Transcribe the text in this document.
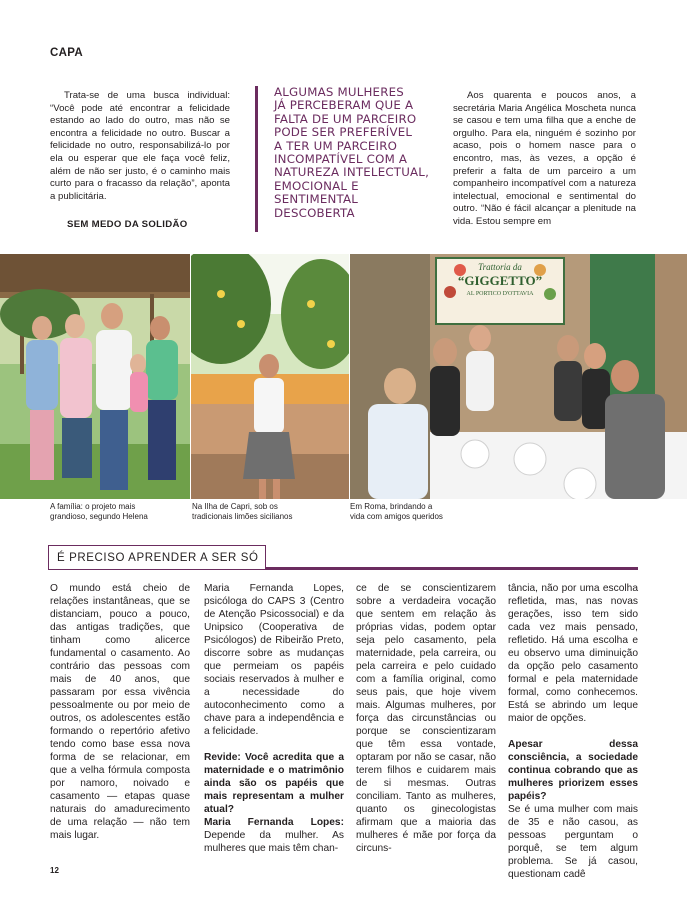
CAPA

Trata-se de uma busca individual: “Você pode até encontrar a felicidade estando ao lado do outro, mas não se encontra a felicidade no outro. Buscar a felicidade no outro, responsabilizá-lo por ela ou esperar que ele faça você feliz, além de não ser justo, é o caminho mais curto para o fracasso da relação”, aponta a publicitária.

SEM MEDO DA SOLIDÃO
ALGUMAS MULHERES
JÁ PERCEBERAM QUE A
FALTA DE UM PARCEIRO
PODE SER PREFERÍVEL
A TER UM PARCEIRO
INCOMPATÍVEL COM A
NATUREZA INTELECTUAL,
EMOCIONAL E
SENTIMENTAL
DESCOBERTA

Aos quarenta e poucos anos, a secretária Maria Angélica Moscheta nunca se casou e tem uma filha que a enche de orgulho. Para ela, ninguém é sozinho por acaso, pois o homem nasce para o encontro, mas, às vezes, a opção é preferir a falta de um parceiro a um companheiro incompatível com a natureza intelectual, emocional e sentimental do outro. “Não é fácil alcançar a plenitude na vida. Estou sempre em

Trattoria da
“GIGGETTO”
AL PORTICO D'OTTAVIA
A família: o projeto mais
grandioso, segundo Helena
Na Ilha de Capri, sob os
tradicionais limões sicilianos
Em Roma, brindando a
vida com amigos queridos
É PRECISO APRENDER A SER SÓ
O mundo está cheio de relações instantâneas, que se distanciam, pouco a pouco, das antigas tradições, que tinham como alicerce fundamental o casamento. Ao contrário das pessoas com mais de 40 anos, que passaram por essa vivência pessoalmente ou por meio de outros, os adolescentes estão formando o repertório afetivo tendo como base essa nova forma de se relacionar, em que a velha fórmula composta por namoro, noivado e casamento — etapas quase naturais do amadurecimento de uma relação — não tem mais lugar.
Maria Fernanda Lopes, psicóloga do CAPS 3 (Centro de Atenção Psicossocial) e da Unipsico (Cooperativa de Psicólogos) de Ribeirão Preto, discorre sobre as mudanças que permeiam os papéis sociais reservados à mulher e a necessidade do autoconhecimento como a chave para a independência e a felicidade.
Revide: Você acredita que a maternidade e o matrimônio ainda são os papéis que mais representam a mulher atual?
Maria Fernanda Lopes: Depende da mulher. As mulheres que mais têm chan-
ce de se conscientizarem sobre a verdadeira vocação que sentem em relação às próprias vidas, podem optar seja pelo casamento, pela maternidade, pela carreira, ou pela carreira e pelo cuidado com a família original, como seus pais, que hoje vivem mais. Algumas mulheres, por força das circunstâncias ou porque se conscientizaram que têm essa vontade, optaram por não se casar, não terem filhos e cuidarem mais de si mesmas. Outras conciliam. Tanto as mulheres, quanto os ginecologistas afirmam que a maioria das mulheres é mãe por força da circuns-
tância, não por uma escolha refletida, mas, nas novas gerações, isso tem sido cada vez mais pensado, refletido. Há uma escolha e eu observo uma diminuição da opção pelo casamento formal e pela maternidade formal, como conhecemos. Está se abrindo um leque maior de opções.
Apesar dessa consciência, a sociedade continua cobrando que as mulheres priorizem esses papéis?
Se é uma mulher com mais de 35 e não casou, as pessoas perguntam o porquê, se tem algum problema. Se já casou, questionam cadê
12
